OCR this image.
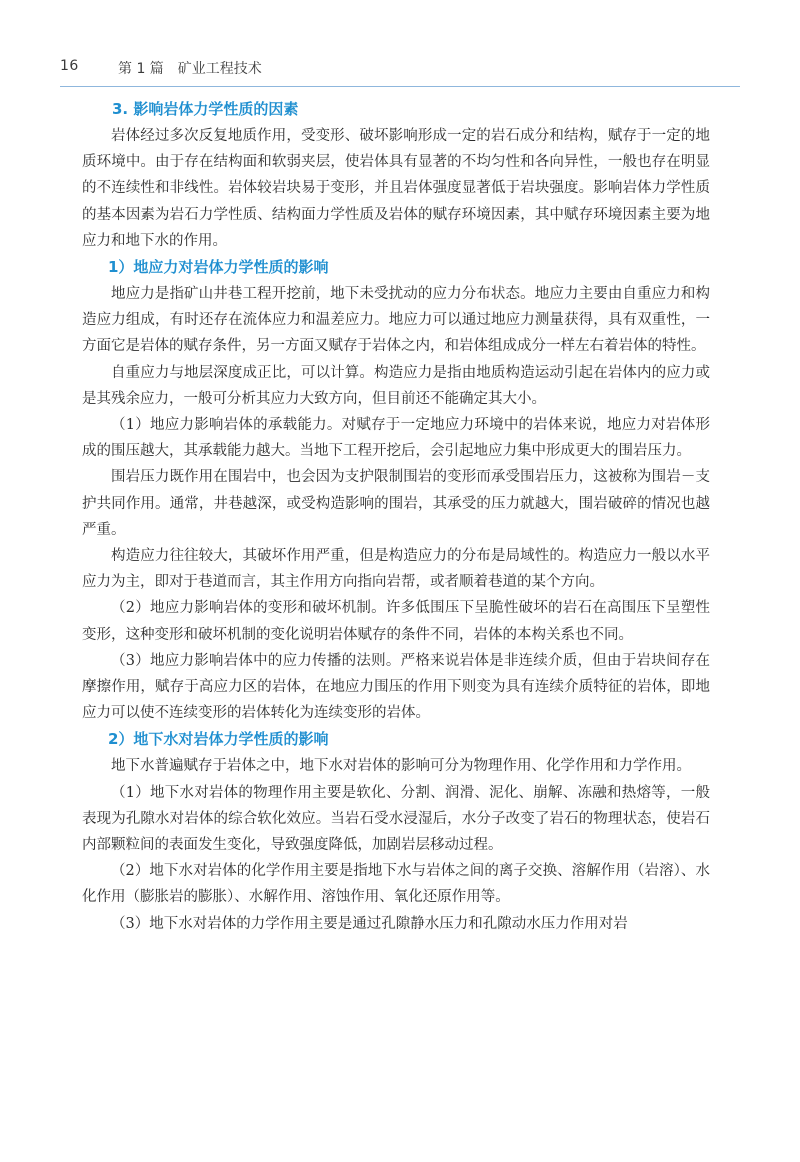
16	第 1 篇　矿业工程技术
3. 影响岩体力学性质的因素

岩体经过多次反复地质作用，受变形、破坏影响形成一定的岩石成分和结构，赋存于一定的地质环境中。由于存在结构面和软弱夹层，使岩体具有显著的不均匀性和各向异性，一般也存在明显的不连续性和非线性。岩体较岩块易于变形，并且岩体强度显著低于岩块强度。影响岩体力学性质的基本因素为岩石力学性质、结构面力学性质及岩体的赋存环境因素，其中赋存环境因素主要为地应力和地下水的作用。

1）地应力对岩体力学性质的影响

地应力是指矿山井巷工程开挖前，地下未受扰动的应力分布状态。地应力主要由自重应力和构造应力组成，有时还存在流体应力和温差应力。地应力可以通过地应力测量获得，具有双重性，一方面它是岩体的赋存条件，另一方面又赋存于岩体之内，和岩体组成成分一样左右着岩体的特性。

自重应力与地层深度成正比，可以计算。构造应力是指由地质构造运动引起在岩体内的应力或是其残余应力，一般可分析其应力大致方向，但目前还不能确定其大小。

（1）地应力影响岩体的承载能力。对赋存于一定地应力环境中的岩体来说，地应力对岩体形成的围压越大，其承载能力越大。当地下工程开挖后，会引起地应力集中形成更大的围岩压力。

围岩压力既作用在围岩中，也会因为支护限制围岩的变形而承受围岩压力，这被称为围岩－支护共同作用。通常，井巷越深，或受构造影响的围岩，其承受的压力就越大，围岩破碎的情况也越严重。

构造应力往往较大，其破坏作用严重，但是构造应力的分布是局域性的。构造应力一般以水平应力为主，即对于巷道而言，其主作用方向指向岩帮，或者顺着巷道的某个方向。

（2）地应力影响岩体的变形和破坏机制。许多低围压下呈脆性破坏的岩石在高围压下呈塑性变形，这种变形和破坏机制的变化说明岩体赋存的条件不同，岩体的本构关系也不同。

（3）地应力影响岩体中的应力传播的法则。严格来说岩体是非连续介质，但由于岩块间存在摩擦作用，赋存于高应力区的岩体，在地应力围压的作用下则变为具有连续介质特征的岩体，即地应力可以使不连续变形的岩体转化为连续变形的岩体。

2）地下水对岩体力学性质的影响

地下水普遍赋存于岩体之中，地下水对岩体的影响可分为物理作用、化学作用和力学作用。

（1）地下水对岩体的物理作用主要是软化、分割、润滑、泥化、崩解、冻融和热熔等，一般表现为孔隙水对岩体的综合软化效应。当岩石受水浸湿后，水分子改变了岩石的物理状态，使岩石内部颗粒间的表面发生变化，导致强度降低，加剧岩层移动过程。

（2）地下水对岩体的化学作用主要是指地下水与岩体之间的离子交换、溶解作用（岩溶）、水化作用（膨胀岩的膨胀）、水解作用、溶蚀作用、氧化还原作用等。

（3）地下水对岩体的力学作用主要是通过孔隙静水压力和孔隙动水压力作用对岩
